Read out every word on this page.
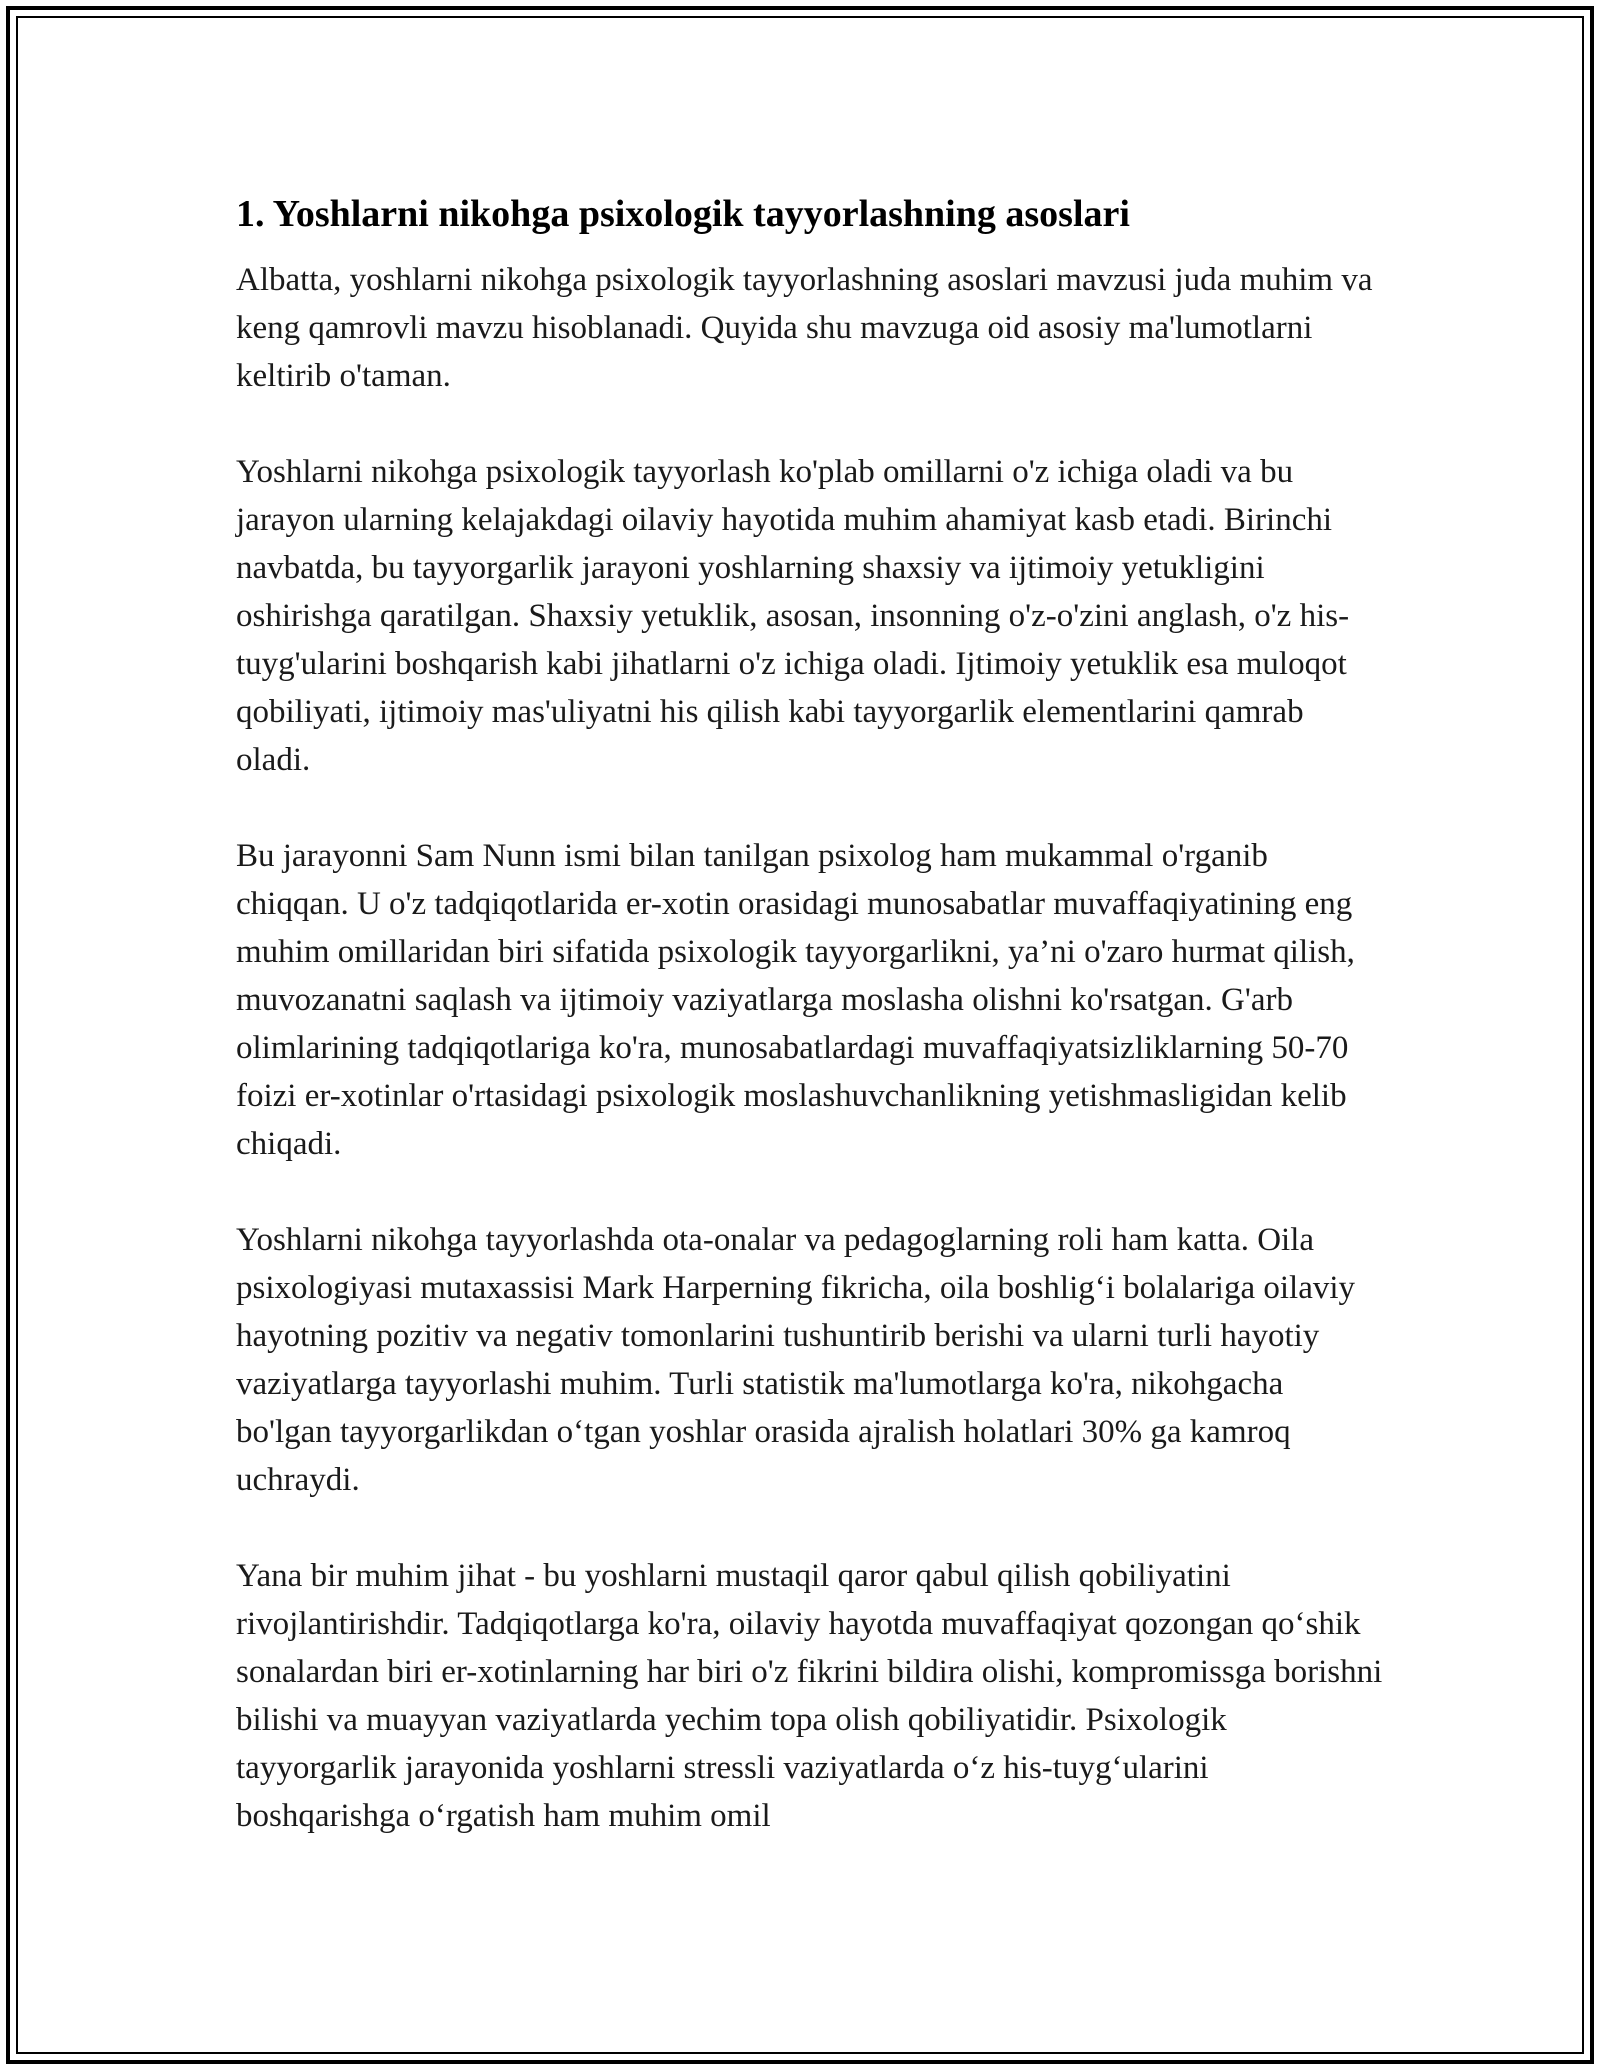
1. Yoshlarni nikohga psixologik tayyorlashning asoslari

Albatta, yoshlarni nikohga psixologik tayyorlashning asoslari mavzusi juda muhim va keng qamrovli mavzu hisoblanadi. Quyida shu mavzuga oid asosiy ma'lumotlarni keltirib o'taman.

Yoshlarni nikohga psixologik tayyorlash ko'plab omillarni o'z ichiga oladi va bu jarayon ularning kelajakdagi oilaviy hayotida muhim ahamiyat kasb etadi. Birinchi navbatda, bu tayyorgarlik jarayoni yoshlarning shaxsiy va ijtimoiy yetukligini oshirishga qaratilgan. Shaxsiy yetuklik, asosan, insonning o'z-o'zini anglash, o'z his-tuyg'ularini boshqarish kabi jihatlarni o'z ichiga oladi. Ijtimoiy yetuklik esa muloqot qobiliyati, ijtimoiy mas'uliyatni his qilish kabi tayyorgarlik elementlarini qamrab oladi.

Bu jarayonni Sam Nunn ismi bilan tanilgan psixolog ham mukammal o'rganib chiqqan. U o'z tadqiqotlarida er-xotin orasidagi munosabatlar muvaffaqiyatining eng muhim omillaridan biri sifatida psixologik tayyorgarlikni, ya’ni o'zaro hurmat qilish, muvozanatni saqlash va ijtimoiy vaziyatlarga moslasha olishni ko'rsatgan. G'arb olimlarining tadqiqotlariga ko'ra, munosabatlardagi muvaffaqiyatsizliklarning 50-70 foizi er-xotinlar o'rtasidagi psixologik moslashuvchanlikning yetishmasligidan kelib chiqadi.

Yoshlarni nikohga tayyorlashda ota-onalar va pedagoglarning roli ham katta. Oila psixologiyasi mutaxassisi Mark Harperning fikricha, oila boshlig‘i bolalariga oilaviy hayotning pozitiv va negativ tomonlarini tushuntirib berishi va ularni turli hayotiy vaziyatlarga tayyorlashi muhim. Turli statistik ma'lumotlarga ko'ra, nikohgacha bo'lgan tayyorgarlikdan o‘tgan yoshlar orasida ajralish holatlari 30% ga kamroq uchraydi.

Yana bir muhim jihat - bu yoshlarni mustaqil qaror qabul qilish qobiliyatini rivojlantirishdir. Tadqiqotlarga ko'ra, oilaviy hayotda muvaffaqiyat qozongan qo‘shik sonalardan biri er-xotinlarning har biri o'z fikrini bildira olishi, kompromissga borishni bilishi va muayyan vaziyatlarda yechim topa olish qobiliyatidir. Psixologik tayyorgarlik jarayonida yoshlarni stressli vaziyatlarda o‘z his-tuyg‘ularini boshqarishga o‘rgatish ham muhim omil
